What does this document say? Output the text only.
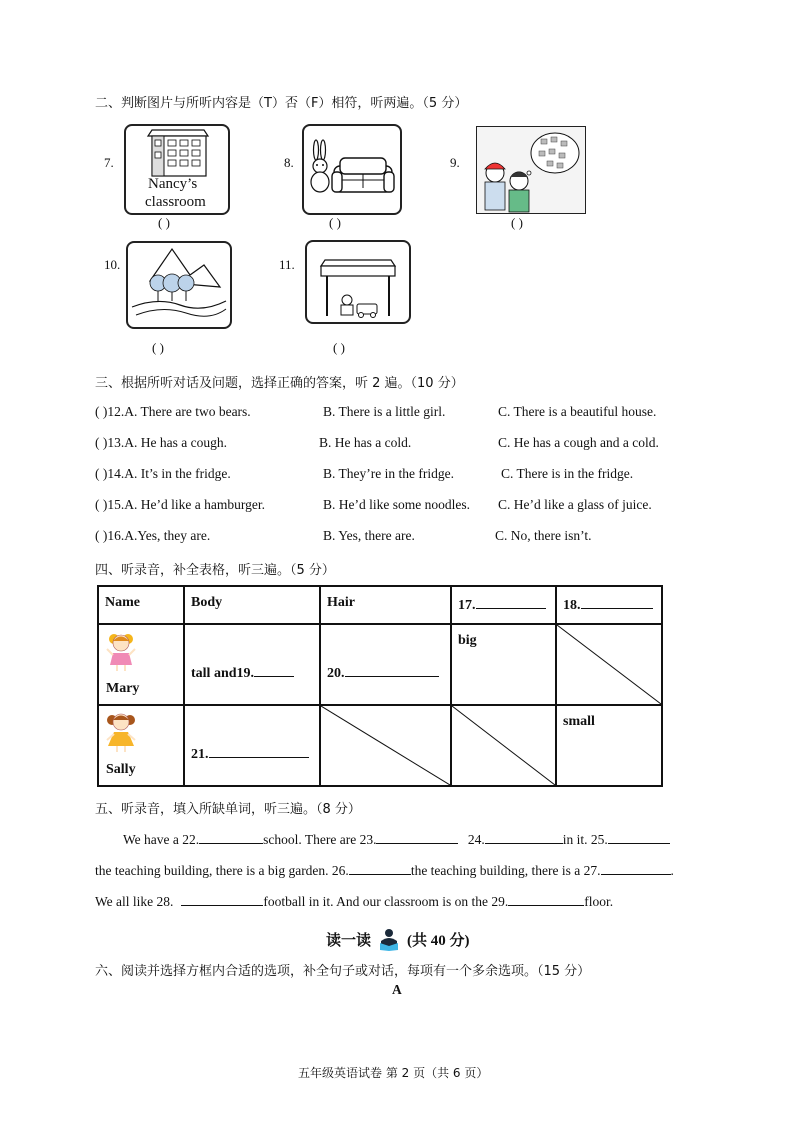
二、判断图片与所听内容是（T）否（F）相符，听两遍。（5 分）
7.
Nancy’s
classroom
( )
8.
( )
9.
( )
10.
( )
11.
( )
三、根据所听对话及问题，选择正确的答案，听 2 遍。（10 分）
( )12.A. There are two bears.	B. There is a little girl.	C. There is a beautiful house.
( )13.A. He has a cough.	B. He has a cold.	C. He has a cough and a cold.
( )14.A. It’s in the fridge.	B. They’re in the fridge.	C. There is in the fridge.
( )15.A. He’d like a hamburger.	B. He’d like some noodles. C. He’d like a glass of juice.
( )16.A.Yes, they are.	B. Yes, there are.	C. No, there isn’t.
四、听录音，补全表格，听三遍。（5 分）
Name	Body	Hair	17.	18.

Mary	tall and19.	20.	big

Sally	21.			small
五、听录音，填入所缺单词，听三遍。（8 分）
We have a 22.	school. There are 23.	24.	in it. 25.
the teaching building, there is a big garden. 26.	the teaching building, there is a 27.	.
We all like 28.	football in it. And our classroom is on the 29.	floor.
读一读 (共 40 分)
六、阅读并选择方框内合适的选项，补全句子或对话，每项有一个多余选项。（15 分）
A
五年级英语试卷 第 2 页（共 6 页）
